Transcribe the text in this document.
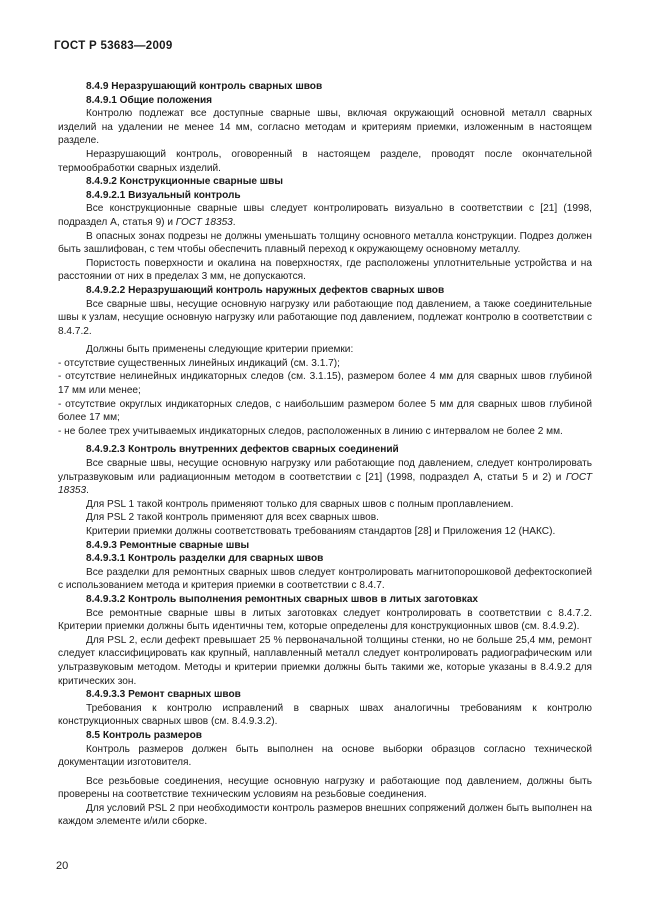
ГОСТ Р 53683—2009

8.4.9 Неразрушающий контроль сварных швов

8.4.9.1 Общие положения

Контролю подлежат все доступные сварные швы, включая окружающий основной металл сварных изделий на удалении не менее 14 мм, согласно методам и критериям приемки, изложенным в настоящем разделе.

Неразрушающий контроль, оговоренный в настоящем разделе, проводят после окончательной термообработки сварных изделий.

8.4.9.2 Конструкционные сварные швы

8.4.9.2.1 Визуальный контроль

Все конструкционные сварные швы следует контролировать визуально в соответствии с [21] (1998, подраздел А, статья 9) и ГОСТ 18353.

В опасных зонах подрезы не должны уменьшать толщину основного металла конструкции. Подрез должен быть зашлифован, с тем чтобы обеспечить плавный переход к окружающему основному металлу.

Пористость поверхности и окалина на поверхностях, где расположены уплотнительные устройства и на расстоянии от них в пределах 3 мм, не допускаются.

8.4.9.2.2 Неразрушающий контроль наружных дефектов сварных швов

Все сварные швы, несущие основную нагрузку или работающие под давлением, а также соединительные швы к узлам, несущие основную нагрузку или работающие под давлением, подлежат контролю в соответствии с 8.4.7.2.

Должны быть применены следующие критерии приемки:

- отсутствие существенных линейных индикаций (см. 3.1.7);

- отсутствие нелинейных индикаторных следов (см. 3.1.15), размером более 4 мм для сварных швов глубиной 17 мм или менее;

- отсутствие округлых индикаторных следов, с наибольшим размером более 5 мм для сварных швов глубиной более 17 мм;

- не более трех учитываемых индикаторных следов, расположенных в линию с интервалом не более 2 мм.

8.4.9.2.3 Контроль внутренних дефектов сварных соединений

Все сварные швы, несущие основную нагрузку или работающие под давлением, следует контролировать ультразвуковым или радиационным методом в соответствии с [21] (1998, подраздел А, статьи 5 и 2) и ГОСТ 18353.

Для PSL 1 такой контроль применяют только для сварных швов с полным проплавлением.

Для PSL 2 такой контроль применяют для всех сварных швов.

Критерии приемки должны соответствовать требованиям стандартов [28] и Приложения 12 (НАКС).

8.4.9.3 Ремонтные сварные швы

8.4.9.3.1 Контроль разделки для сварных швов

Все разделки для ремонтных сварных швов следует контролировать магнитопорошковой дефектоскопией с использованием метода и критерия приемки в соответствии с 8.4.7.

8.4.9.3.2 Контроль выполнения ремонтных сварных швов в литых заготовках

Все ремонтные сварные швы в литых заготовках следует контролировать в соответствии с 8.4.7.2. Критерии приемки должны быть идентичны тем, которые определены для конструкционных швов (см. 8.4.9.2).

Для PSL 2, если дефект превышает 25 % первоначальной толщины стенки, но не больше 25,4 мм, ремонт следует классифицировать как крупный, наплавленный металл следует контролировать радиографическим или ультразвуковым методом. Методы и критерии приемки должны быть такими же, которые указаны в 8.4.9.2 для критических зон.

8.4.9.3.3 Ремонт сварных швов

Требования к контролю исправлений в сварных швах аналогичны требованиям к контролю конструкционных сварных швов (см. 8.4.9.3.2).

8.5 Контроль размеров

Контроль размеров должен быть выполнен на основе выборки образцов согласно технической документации изготовителя.

Все резьбовые соединения, несущие основную нагрузку и работающие под давлением, должны быть проверены на соответствие техническим условиям на резьбовые соединения.

Для условий PSL 2 при необходимости контроль размеров внешних сопряжений должен быть выполнен на каждом элементе и/или сборке.

20
